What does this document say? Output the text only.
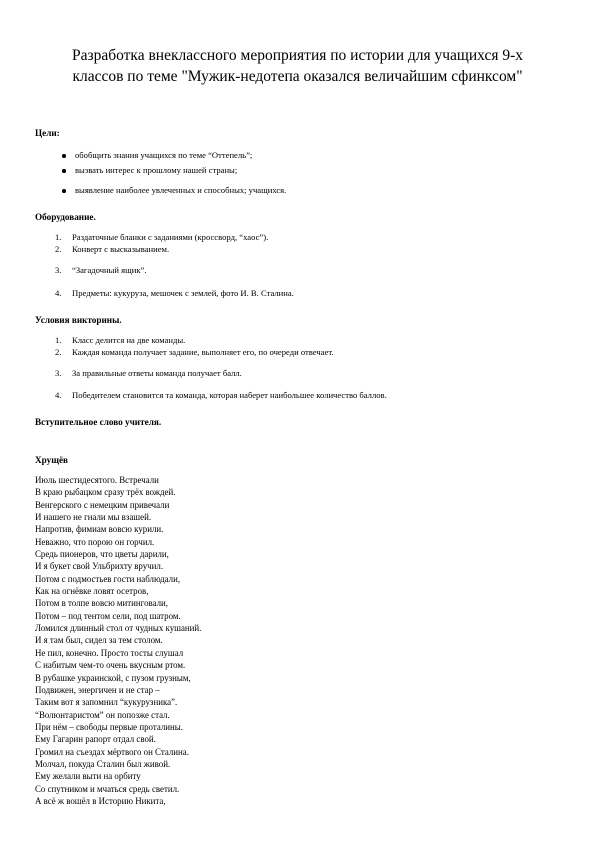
Разработка внеклассного мероприятия по истории для учащихся 9-х
классов по теме "Мужик-недотепа оказался величайшим сфинксом"
Цели:
обобщить знания учащихся по теме “Оттепель”;
вызвать интерес к прошлому нашей страны;
выявление наиболее увлеченных и способных; учащихся.
Оборудование.
1. Раздаточные бланки с заданиями (кроссворд, “хаос”).
2. Конверт с высказыванием.
3. “Загадочный ящик”.
4. Предметы: кукуруза, мешочек с землей, фото И. В. Сталина.
Условия викторины.
1. Класс делится на две команды.
2. Каждая команда получает задание, выполняет его, по очереди отвечает.
3. За правильные ответы команда получает балл.
4. Победителем становится та команда, которая наберет наибольшее количество баллов.
Вступительное слово учителя.
Хрущёв
Июль шестидесятого. Встречали
В краю рыбацком сразу трёх вождей.
Венгерского с немецким привечали
И нашего не гнали мы взашей.
Напротив, фимиам вовсю курили.
Неважно, что порою он горчил.
Средь пионеров, что цветы дарили,
И я букет свой Ульбрихту вручил.
Потом с подмостьев гости наблюдали,
Как на огнёвке ловят осетров,
Потом в толпе вовсю митинговали,
Потом – под тентом сели, под шатром.
Ломился длинный стол от чудных кушаний.
И я там был, сидел за тем столом.
Не пил, конечно. Просто тосты слушал
С набитым чем-то очень вкусным ртом.
В рубашке украинской, с пузом грузным,
Подвижен, энергичен и не стар –
Таким вот я запомнил “кукурузника”.
“Волюнтаристом” он попозже стал.
При нём – свободы первые проталины.
Ему Гагарин рапорт отдал свой.
Громил на съездах мёртвого он Сталина.
Молчал, покуда Сталин был живой.
Ему желали выти на орбиту
Со спутником и мчаться средь светил.
А всё ж вошёл в Историю Никита,
